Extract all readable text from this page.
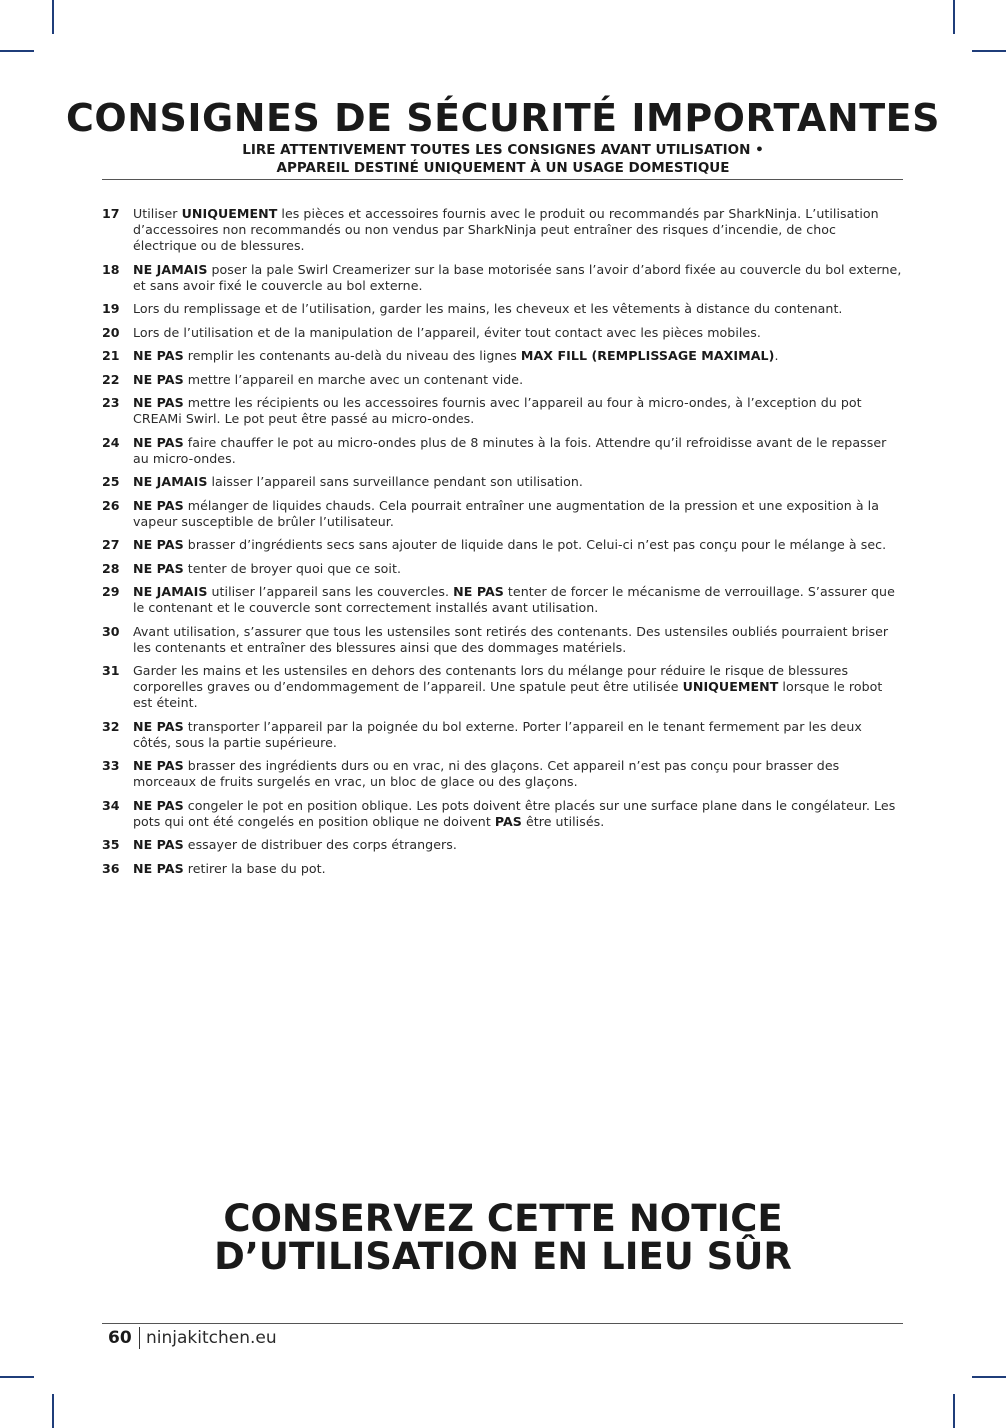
CONSIGNES DE SÉCURITÉ IMPORTANTES
LIRE ATTENTIVEMENT TOUTES LES CONSIGNES AVANT UTILISATION •
APPAREIL DESTINÉ UNIQUEMENT À UN USAGE DOMESTIQUE
17	Utiliser UNIQUEMENT les pièces et accessoires fournis avec le produit ou recommandés par SharkNinja. L’utilisation d’accessoires non recommandés ou non vendus par SharkNinja peut entraîner des risques d’incendie, de choc électrique ou de blessures.
18	NE JAMAIS poser la pale Swirl Creamerizer sur la base motorisée sans l’avoir d’abord fixée au couvercle du bol externe, et sans avoir fixé le couvercle au bol externe.
19	Lors du remplissage et de l’utilisation, garder les mains, les cheveux et les vêtements à distance du contenant.
20	Lors de l’utilisation et de la manipulation de l’appareil, éviter tout contact avec les pièces mobiles.
21	NE PAS remplir les contenants au-delà du niveau des lignes MAX FILL (REMPLISSAGE MAXIMAL).
22	NE PAS mettre l’appareil en marche avec un contenant vide.
23	NE PAS mettre les récipients ou les accessoires fournis avec l’appareil au four à micro-ondes, à l’exception du pot CREAMi Swirl. Le pot peut être passé au micro-ondes.
24	NE PAS faire chauffer le pot au micro-ondes plus de 8 minutes à la fois. Attendre qu’il refroidisse avant de le repasser au micro-ondes.
25	NE JAMAIS laisser l’appareil sans surveillance pendant son utilisation.
26	NE PAS mélanger de liquides chauds. Cela pourrait entraîner une augmentation de la pression et une exposition à la vapeur susceptible de brûler l’utilisateur.
27	NE PAS brasser d’ingrédients secs sans ajouter de liquide dans le pot. Celui-ci n’est pas conçu pour le mélange à sec.
28	NE PAS tenter de broyer quoi que ce soit.
29	NE JAMAIS utiliser l’appareil sans les couvercles. NE PAS tenter de forcer le mécanisme de verrouillage. S’assurer que le contenant et le couvercle sont correctement installés avant utilisation.
30	Avant utilisation, s’assurer que tous les ustensiles sont retirés des contenants. Des ustensiles oubliés pourraient briser les contenants et entraîner des blessures ainsi que des dommages matériels.
31	Garder les mains et les ustensiles en dehors des contenants lors du mélange pour réduire le risque de blessures corporelles graves ou d’endommagement de l’appareil. Une spatule peut être utilisée UNIQUEMENT lorsque le robot est éteint.
32	NE PAS transporter l’appareil par la poignée du bol externe. Porter l’appareil en le tenant fermement par les deux côtés, sous la partie supérieure.
33	NE PAS brasser des ingrédients durs ou en vrac, ni des glaçons. Cet appareil n’est pas conçu pour brasser des morceaux de fruits surgelés en vrac, un bloc de glace ou des glaçons.
34	NE PAS congeler le pot en position oblique. Les pots doivent être placés sur une surface plane dans le congélateur. Les pots qui ont été congelés en position oblique ne doivent PAS être utilisés.
35	NE PAS essayer de distribuer des corps étrangers.
36	NE PAS retirer la base du pot.
CONSERVEZ CETTE NOTICE
D’UTILISATION EN LIEU SÛR
60 ninjakitchen.eu
